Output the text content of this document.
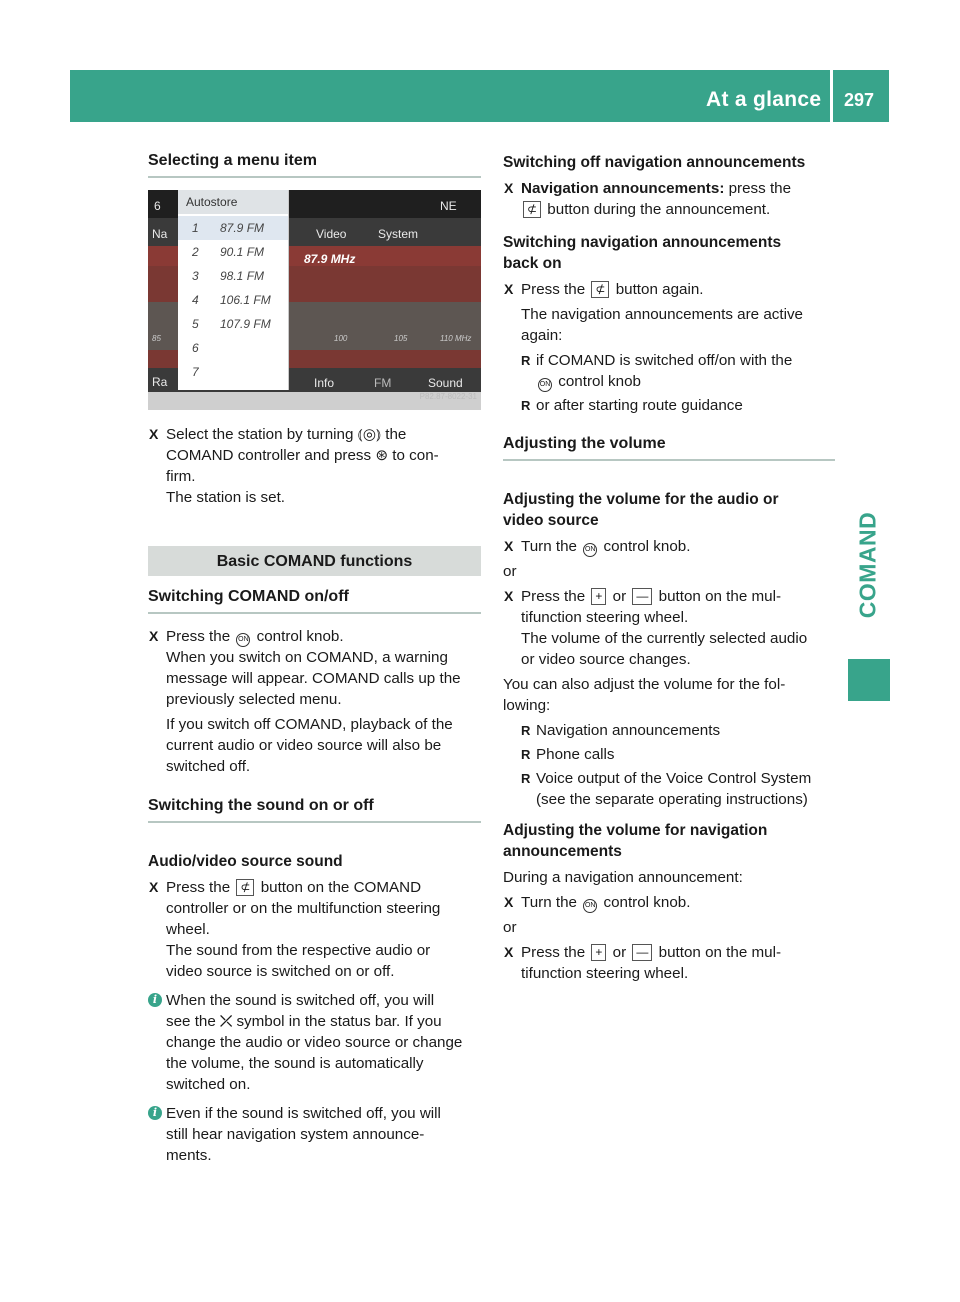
At a glance 297
COMAND
Selecting a menu item
6
Na
Ra
NE
Video	System
87.9 MHz
85	100	105	110 MHz
Info	FM	Sound
P82.87-8022-31
Autostore
1 87.9 FM
2 90.1 FM
3 98.1 FM
4 106.1 FM
5 107.9 FM
6
7
X Select the station by turning ⦅◎⦆ the
COMAND controller and press ⊛ to con-
firm.
The station is set.
Basic COMAND functions
Switching COMAND on/off
X Press the ON control knob.
When you switch on COMAND, a warning
message will appear. COMAND calls up the
previously selected menu.
If you switch off COMAND, playback of the
current audio or video source will also be
switched off.
Switching the sound on or off
Audio/video source sound
X Press the ⊄ button on the COMAND
controller or on the multifunction steering
wheel.
The sound from the respective audio or
video source is switched on or off.
i When the sound is switched off, you will
see the ⤫ symbol in the status bar. If you
change the audio or video source or change
the volume, the sound is automatically
switched on.
i Even if the sound is switched off, you will
still hear navigation system announce-
ments.
Switching off navigation announcements
X Navigation announcements: press the
⊄ button during the announcement.
Switching navigation announcements
back on
X Press the ⊄ button again.
The navigation announcements are active
again:
R if COMAND is switched off/on with the
ON control knob
R or after starting route guidance
Adjusting the volume
Adjusting the volume for the audio or
video source
X Turn the ON control knob.
or
X Press the + or — button on the mul-
tifunction steering wheel.
The volume of the currently selected audio
or video source changes.
You can also adjust the volume for the fol-
lowing:
R Navigation announcements
R Phone calls
R Voice output of the Voice Control System
(see the separate operating instructions)
Adjusting the volume for navigation
announcements
During a navigation announcement:
X Turn the ON control knob.
or
X Press the + or — button on the mul-
tifunction steering wheel.
